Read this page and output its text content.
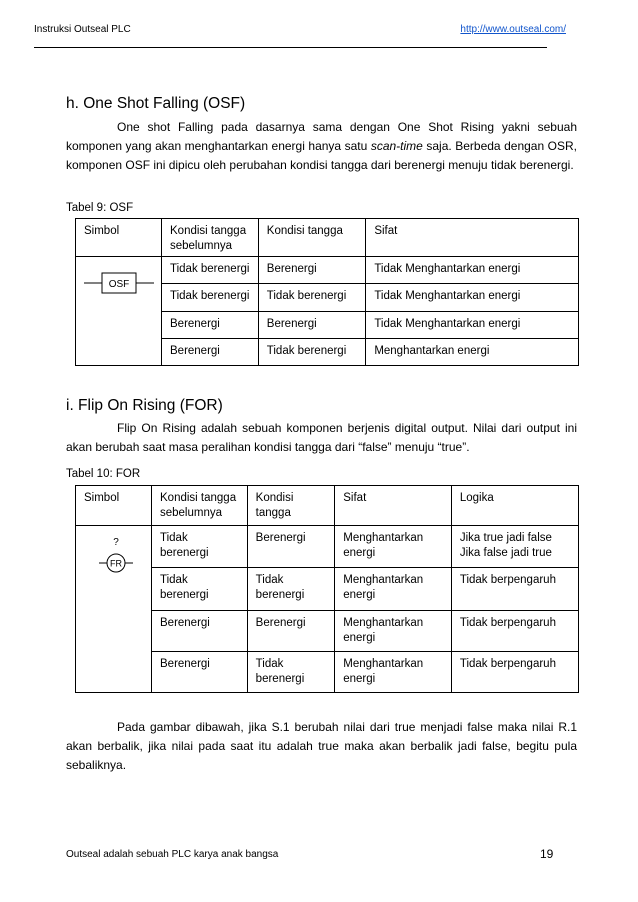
Instruksi Outseal PLC	http://www.outseal.com/
h. One Shot Falling (OSF)

One shot Falling pada dasarnya sama dengan One Shot Rising yakni sebuah komponen yang akan menghantarkan energi hanya satu scan-time saja. Berbeda dengan OSR, komponen OSF ini dipicu oleh perubahan kondisi tangga dari berenergi menuju tidak berenergi.

Tabel 9: OSF
Simbol	Kondisi tangga sebelumnya	Kondisi tangga	Sifat

OSF	Tidak berenergi	Berenergi	Tidak Menghantarkan energi
	Tidak berenergi	Tidak berenergi	Tidak Menghantarkan energi
	Berenergi	Berenergi	Tidak Menghantarkan energi
	Berenergi	Tidak berenergi	Menghantarkan energi
i. Flip On Rising (FOR)

Flip On Rising adalah sebuah komponen berjenis digital output. Nilai dari output ini akan berubah saat masa peralihan kondisi tangga dari “false” menuju “true”.

Tabel 10: FOR
Simbol	Kondisi tangga sebelumnya	Kondisi tangga	Sifat	Logika

?
FR	Tidak berenergi	Berenergi	Menghantarkan energi	Jika true jadi false Jika false jadi true
	Tidak berenergi	Tidak berenergi	Menghantarkan energi	Tidak berpengaruh
	Berenergi	Berenergi	Menghantarkan energi	Tidak berpengaruh
	Berenergi	Tidak berenergi	Menghantarkan energi	Tidak berpengaruh

Pada gambar dibawah, jika S.1 berubah nilai dari true menjadi false maka nilai R.1 akan berbalik, jika nilai pada saat itu adalah true maka akan berbalik jadi false, begitu pula sebaliknya.

Outseal adalah sebuah PLC karya anak bangsa	19
